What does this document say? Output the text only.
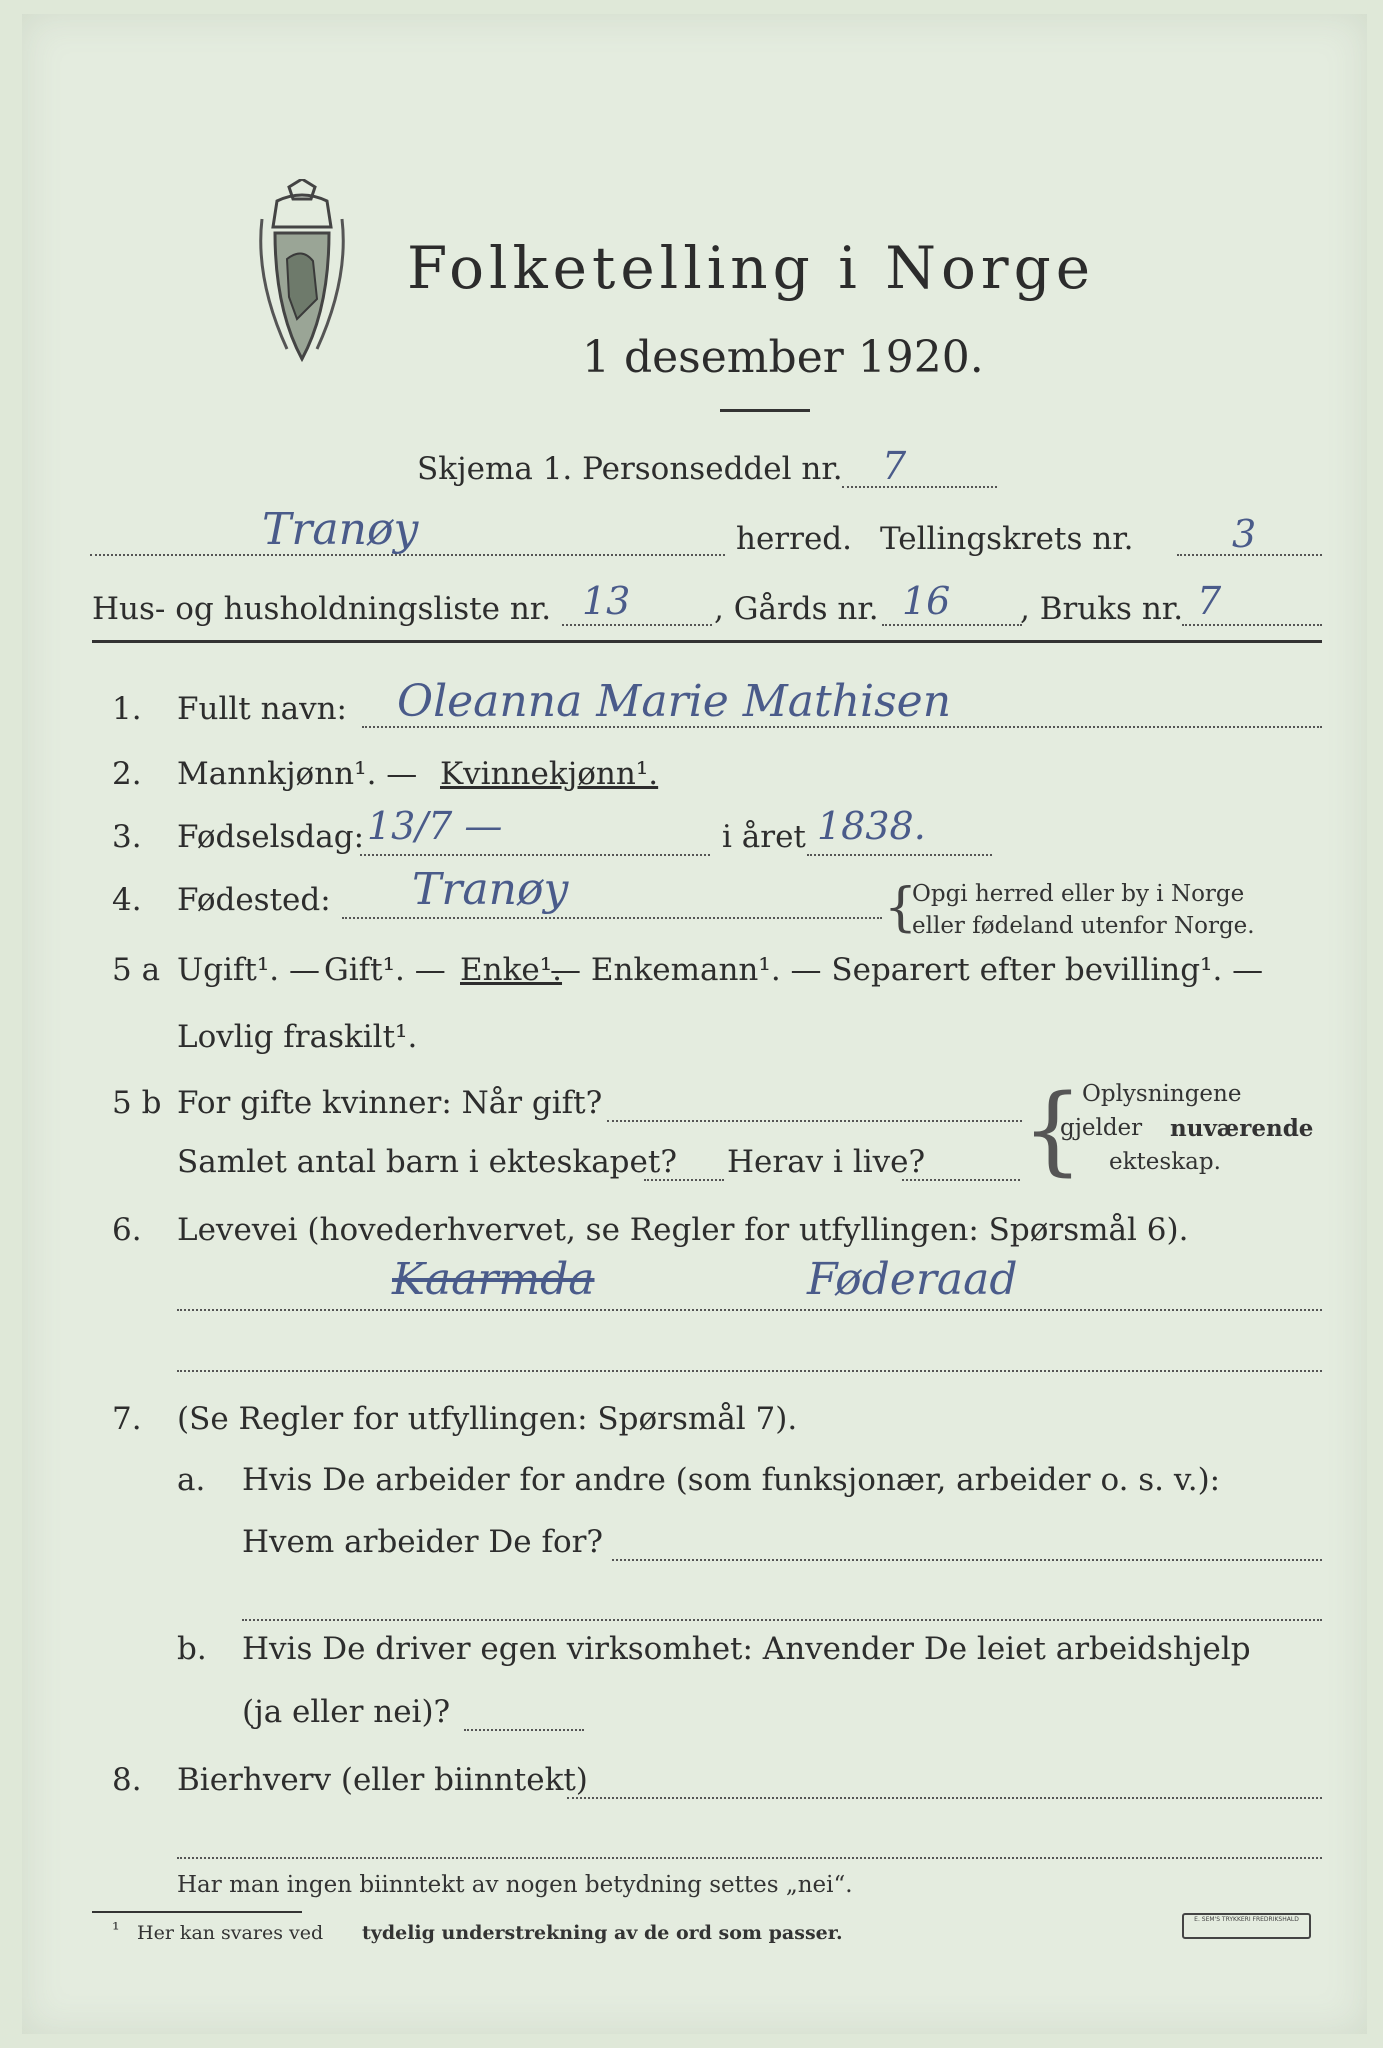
Folketelling i Norge
1 desember 1920.
Skjema 1. Personseddel nr. 7
Tranøy	herred. Tellingskrets nr.	3
Hus- og husholdningsliste nr. 13	, Gårds nr. 16 , Bruks nr. 7
1. Fullt navn: Oleanna Marie Mathisen
2. Mannkjønn¹. — Kvinnekjønn¹.
3. Fødselsdag: 13/7 —	i året 1838.
4. Fødested: Tranøy	{
Opgi herred eller by i Norge
eller fødeland utenfor Norge.
5 a Ugift¹. — Gift¹. — Enke¹.
— Enkemann¹. — Separert efter bevilling¹. —
Lovlig fraskilt¹.
5 b For gifte kvinner: Når gift?
Samlet antal barn i ekteskapet? Herav i live? {
Oplysningene
gjelder nuværende
ekteskap.
6. Levevei (hovederhvervet, se Regler for utfyllingen: Spørsmål 6).
Kaarmda	Føderaad
7. (Se Regler for utfyllingen: Spørsmål 7).
a. Hvis De arbeider for andre (som funksjonær, arbeider o. s. v.):
Hvem arbeider De for?
b. Hvis De driver egen virksomhet: Anvender De leiet arbeidshjelp
(ja eller nei)?
8. Bierhverv (eller biinntekt)
Har man ingen biinntekt av nogen betydning settes „nei“.
¹ Her kan svares ved tydelig understrekning av de ord som passer.
E. SEM'S TRYKKERI FREDRIKSHALD
